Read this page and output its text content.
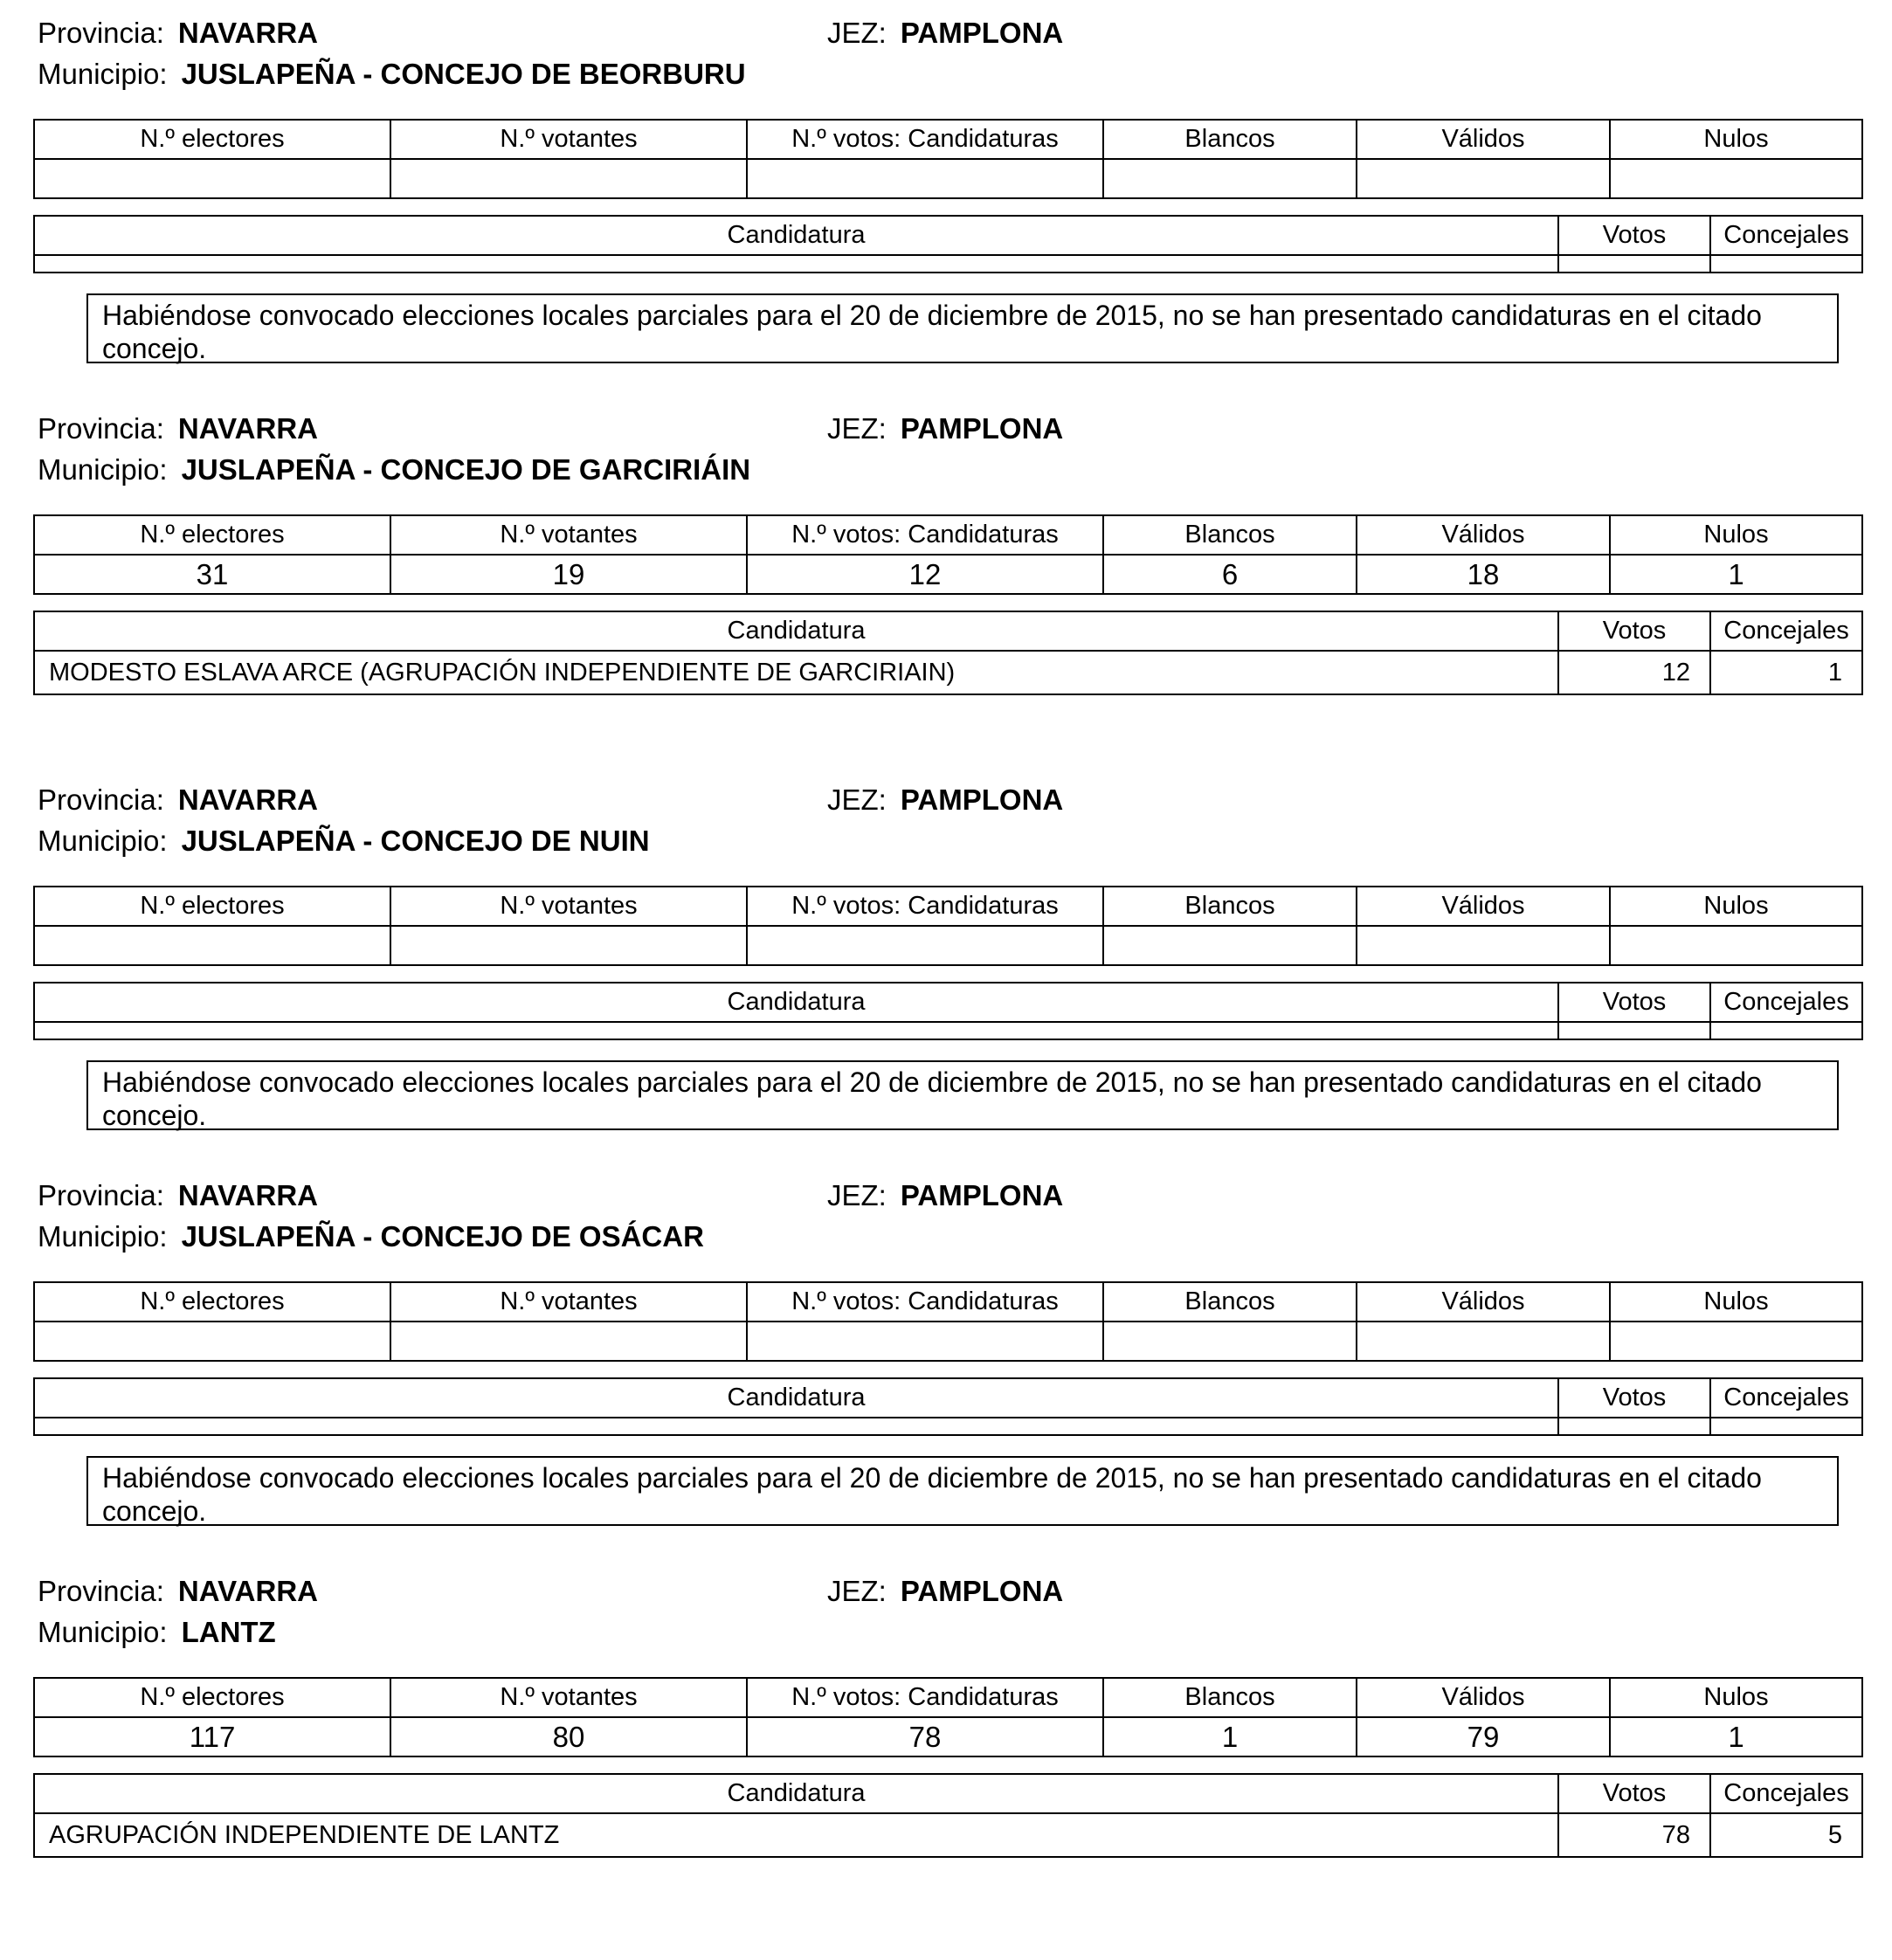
Provincia: NAVARRA	JEZ: PAMPLONA
Municipio: JUSLAPEÑA - CONCEJO DE BEORBURU
N.º electores	N.º votantes	N.º votos: Candidaturas	Blancos	Válidos	Nulos

Candidatura	Votos	Concejales

Habiéndose convocado elecciones locales parciales para el 20 de diciembre de 2015, no se han presentado candidaturas en el citado concejo.
Provincia: NAVARRA	JEZ: PAMPLONA
Municipio: JUSLAPEÑA - CONCEJO DE GARCIRIÁIN
N.º electores	N.º votantes	N.º votos: Candidaturas	Blancos	Válidos	Nulos
31	19	12	6	18	1
Candidatura	Votos	Concejales
MODESTO ESLAVA ARCE (AGRUPACIÓN INDEPENDIENTE DE GARCIRIAIN)	12	1
Provincia: NAVARRA	JEZ: PAMPLONA
Municipio: JUSLAPEÑA - CONCEJO DE NUIN
N.º electores	N.º votantes	N.º votos: Candidaturas	Blancos	Válidos	Nulos

Candidatura	Votos	Concejales

Habiéndose convocado elecciones locales parciales para el 20 de diciembre de 2015, no se han presentado candidaturas en el citado concejo.
Provincia: NAVARRA	JEZ: PAMPLONA
Municipio: JUSLAPEÑA - CONCEJO DE OSÁCAR
N.º electores	N.º votantes	N.º votos: Candidaturas	Blancos	Válidos	Nulos

Candidatura	Votos	Concejales

Habiéndose convocado elecciones locales parciales para el 20 de diciembre de 2015, no se han presentado candidaturas en el citado concejo.
Provincia: NAVARRA	JEZ: PAMPLONA
Municipio: LANTZ
N.º electores	N.º votantes	N.º votos: Candidaturas	Blancos	Válidos	Nulos
117	80	78	1	79	1
Candidatura	Votos	Concejales
AGRUPACIÓN INDEPENDIENTE DE LANTZ	78	5
